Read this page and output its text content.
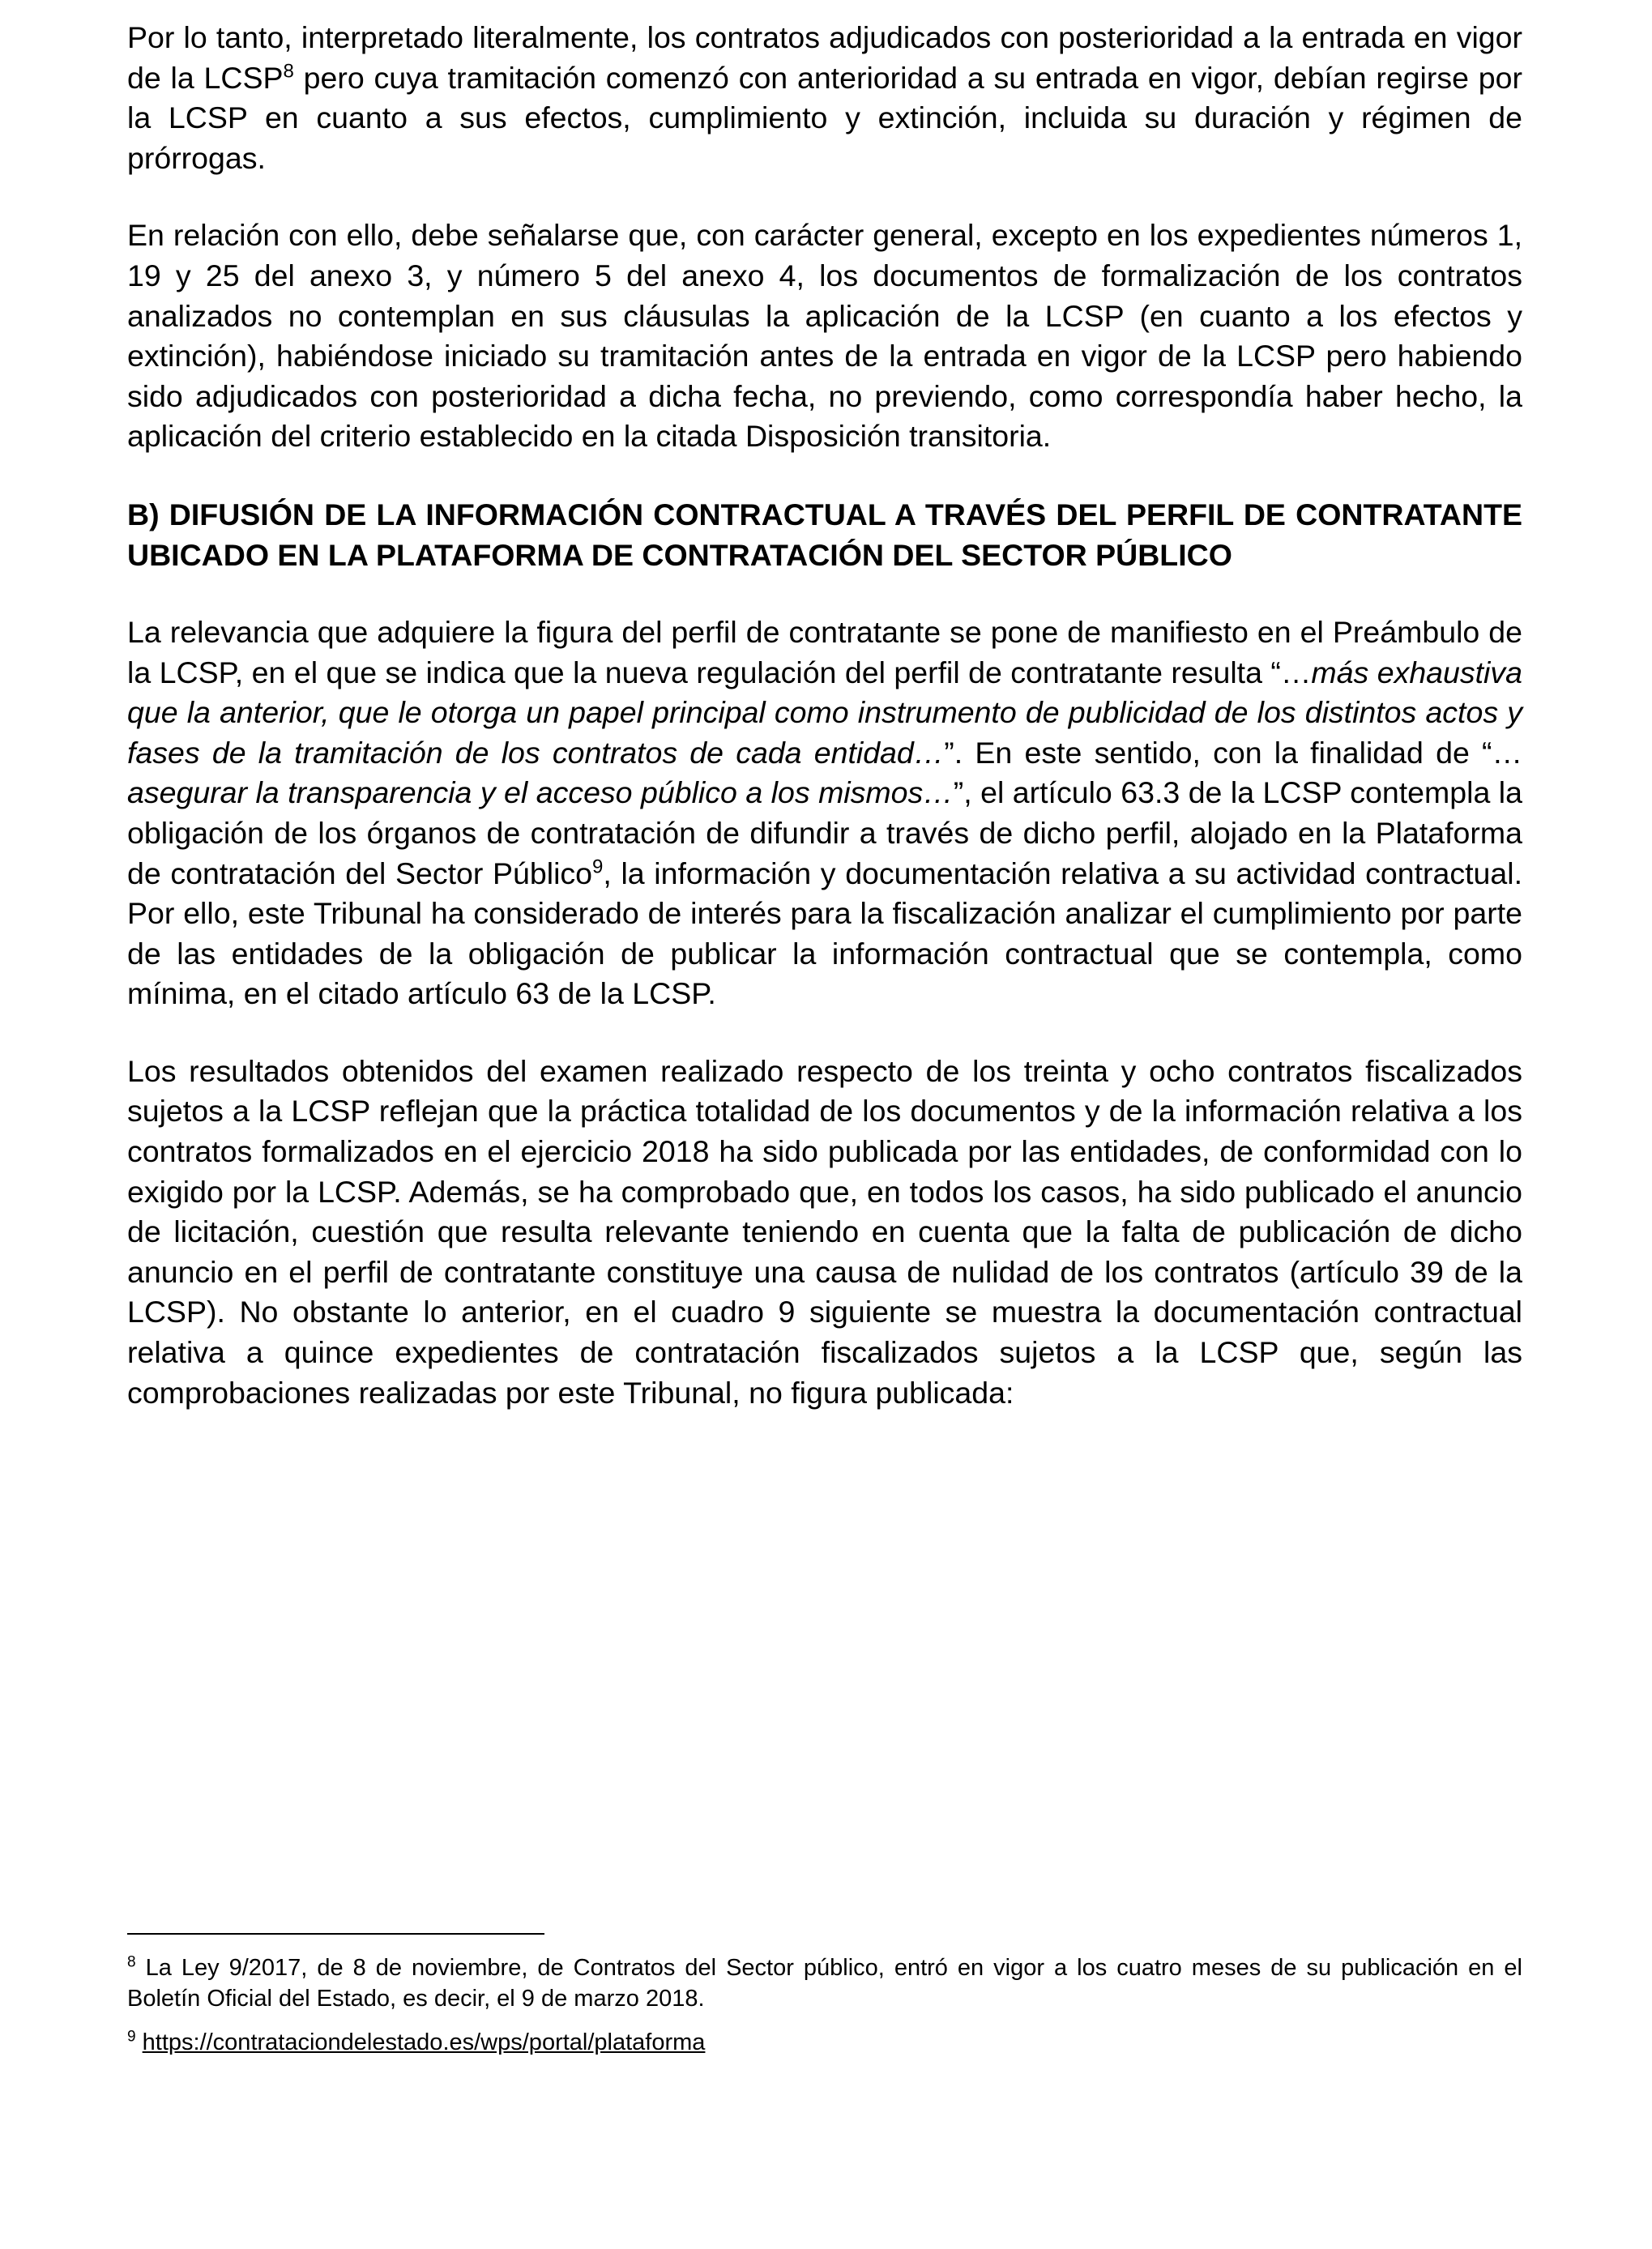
Por lo tanto, interpretado literalmente, los contratos adjudicados con posterioridad a la entrada en vigor de la LCSP$^8$ pero cuya tramitación comenzó con anterioridad a su entrada en vigor, debían regirse por la LCSP en cuanto a sus efectos, cumplimiento y extinción, incluida su duración y régimen de prórrogas.

En relación con ello, debe señalarse que, con carácter general, excepto en los expedientes números 1, 19 y 25 del anexo 3, y número 5 del anexo 4, los documentos de formalización de los contratos analizados no contemplan en sus cláusulas la aplicación de la LCSP (en cuanto a los efectos y extinción), habiéndose iniciado su tramitación antes de la entrada en vigor de la LCSP pero habiendo sido adjudicados con posterioridad a dicha fecha, no previendo, como correspondía haber hecho, la aplicación del criterio establecido en la citada Disposición transitoria.

B) DIFUSIÓN DE LA INFORMACIÓN CONTRACTUAL A TRAVÉS DEL PERFIL DE CONTRATANTE UBICADO EN LA PLATAFORMA DE CONTRATACIÓN DEL SECTOR PÚBLICO

La relevancia que adquiere la figura del perfil de contratante se pone de manifiesto en el Preámbulo de la LCSP, en el que se indica que la nueva regulación del perfil de contratante resulta “…más exhaustiva que la anterior, que le otorga un papel principal como instrumento de publicidad de los distintos actos y fases de la tramitación de los contratos de cada entidad…”. En este sentido, con la finalidad de “…asegurar la transparencia y el acceso público a los mismos…”, el artículo 63.3 de la LCSP contempla la obligación de los órganos de contratación de difundir a través de dicho perfil, alojado en la Plataforma de contratación del Sector Público$^9$, la información y documentación relativa a su actividad contractual. Por ello, este Tribunal ha considerado de interés para la fiscalización analizar el cumplimiento por parte de las entidades de la obligación de publicar la información contractual que se contempla, como mínima, en el citado artículo 63 de la LCSP.

Los resultados obtenidos del examen realizado respecto de los treinta y ocho contratos fiscalizados sujetos a la LCSP reflejan que la práctica totalidad de los documentos y de la información relativa a los contratos formalizados en el ejercicio 2018 ha sido publicada por las entidades, de conformidad con lo exigido por la LCSP. Además, se ha comprobado que, en todos los casos, ha sido publicado el anuncio de licitación, cuestión que resulta relevante teniendo en cuenta que la falta de publicación de dicho anuncio en el perfil de contratante constituye una causa de nulidad de los contratos (artículo 39 de la LCSP). No obstante lo anterior, en el cuadro 9 siguiente se muestra la documentación contractual relativa a quince expedientes de contratación fiscalizados sujetos a la LCSP que, según las comprobaciones realizadas por este Tribunal, no figura publicada:

$^8$ La Ley 9/2017, de 8 de noviembre, de Contratos del Sector público, entró en vigor a los cuatro meses de su publicación en el Boletín Oficial del Estado, es decir, el 9 de marzo 2018.

$^9$ https://contrataciondelestado.es/wps/portal/plataforma
